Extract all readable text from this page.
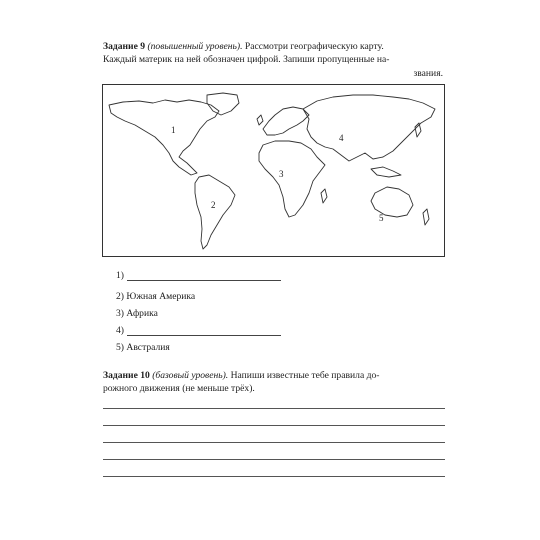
Задание 9 (повышенный уровень). Рассмотри географическую карту.
Каждый материк на ней обозначен цифрой. Запиши пропущенные на-
звания.
1
2
3
4
5
1)
2) Южная Америка
3) Африка
4)
5) Австралия
Задание 10 (базовый уровень). Напиши известные тебе правила до-
рожного движения (не меньше трёх).
